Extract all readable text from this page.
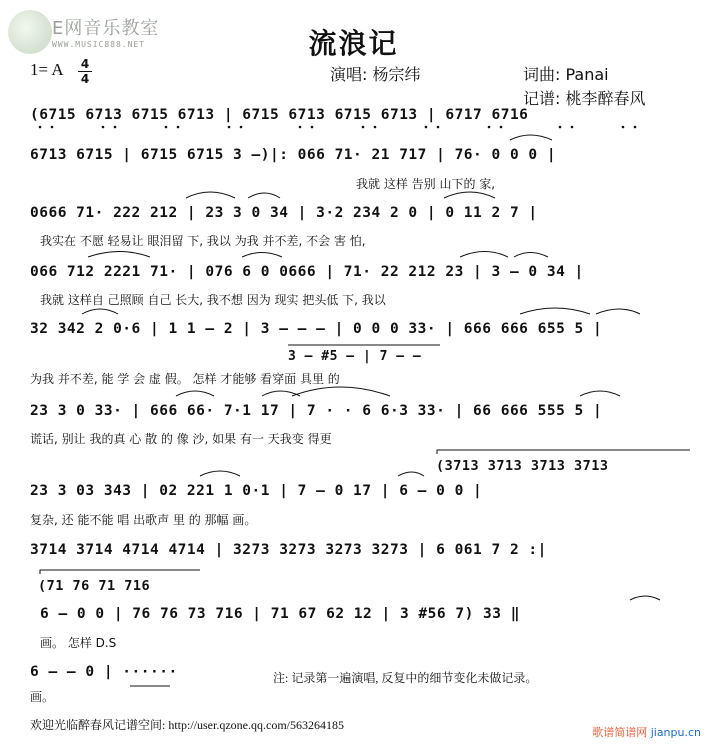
E网音乐教室
WWW.MUSIC888.NET	流浪记
1= A 4
4	演唱: 杨宗纬	词曲: Panai
记谱: 桃李醉春风
(6715 6713 6715 6713 | 6715 6713 6715 6713 | 6717 6716
6713 6715 | 6715 6715 3 –)|: 066 71· 21 717 | 76· 0 0 0 |
我就 这样 告别 山下的 家,
0666 71· 222 212 | 23 3 0 34 | 3·2 234 2 0 | 0 11 2 7 |
我实在 不愿 轻易让 眼泪留 下, 我以 为我 并不差, 不会 害 怕,
066 712 2221 71· | 076 6 0 0666 | 71· 22 212 23 | 3 – 0 34 |
我就 这样自 己照顾 自己 长大, 我不想 因为 现实 把头低 下, 我以
32 342 2 0·6 | 1 1 – 2 | 3 – – – | 0 0 0 33· | 666 666 655 5 |
3 – #5 – | 7 – –
为我 并不差, 能 学 会 虚 假。 怎样 才能够 看穿面 具里 的
23 3 0 33· | 666 66· 7·1 17 | 7 · · 6 6·3 33· | 66 666 555 5 |
谎话, 别让 我的真 心 散 的 像 沙, 如果 有一 天我变 得更
(3713 3713 3713 3713
23 3 03 343 | 02 221 1 0·1 | 7 – 0 17 | 6 – 0 0 |
复杂, 还 能不能 唱 出歌声 里 的 那幅 画。
3714 3714 4714 4714 | 3273 3273 3273 3273 | 6 061 7 2 :|
(71 76 71 716
6 – 0 0 | 76 76 73 716 | 71 67 62 12 | 3 #56 7) 33 ‖
画。 怎样 D.S
6 – – 0 | ······
画。
注: 记录第一遍演唱, 反复中的细节变化未做记录。
欢迎光临醉春风记谱空间: http://user.qzone.qq.com/563264185
歌谱简谱网 jianpu.cn
